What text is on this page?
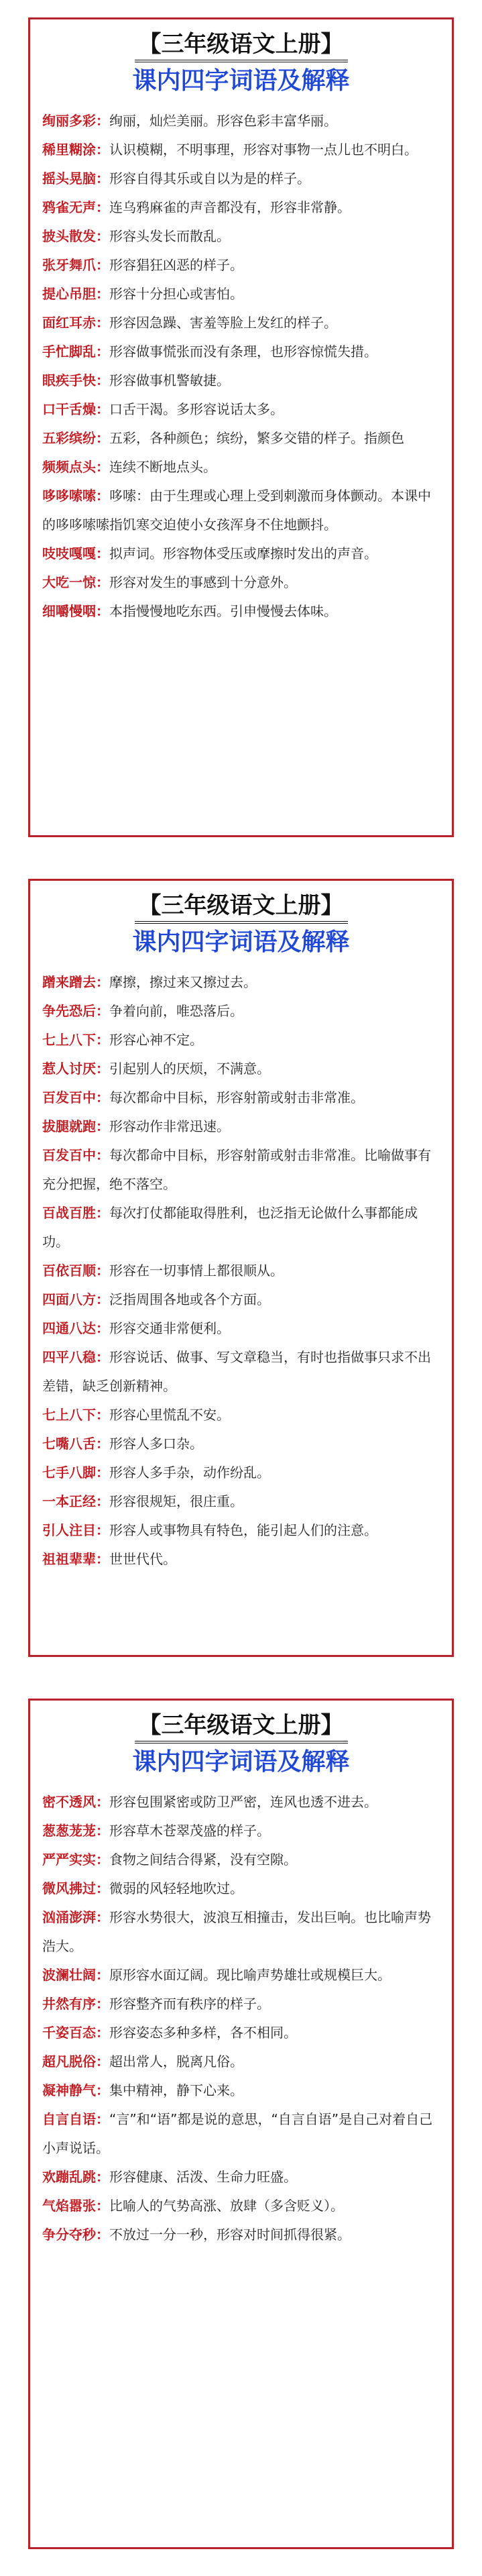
【三年级语文上册】
课内四字词语及解释
绚丽多彩：绚丽，灿烂美丽。形容色彩丰富华丽。
稀里糊涂：认识模糊，不明事理，形容对事物一点儿也不明白。
摇头晃脑：形容自得其乐或自以为是的样子。
鸦雀无声：连乌鸦麻雀的声音都没有，形容非常静。
披头散发：形容头发长而散乱。
张牙舞爪：形容猖狂凶恶的样子。
提心吊胆：形容十分担心或害怕。
面红耳赤：形容因急躁、害羞等脸上发红的样子。
手忙脚乱：形容做事慌张而没有条理，也形容惊慌失措。
眼疾手快：形容做事机警敏捷。
口干舌燥：口舌干渴。多形容说话太多。
五彩缤纷：五彩，各种颜色；缤纷，繁多交错的样子。指颜色
频频点头：连续不断地点头。
哆哆嗦嗦：哆嗦：由于生理或心理上受到刺激而身体颤动。本课中的哆哆嗦嗦指饥寒交迫使小女孩浑身不住地颤抖。
吱吱嘎嘎：拟声词。形容物体受压或摩擦时发出的声音。
大吃一惊：形容对发生的事感到十分意外。
细嚼慢咽：本指慢慢地吃东西。引申慢慢去体味。
【三年级语文上册】
课内四字词语及解释
蹭来蹭去：摩擦，擦过来又擦过去。
争先恐后：争着向前，唯恐落后。
七上八下：形容心神不定。
惹人讨厌：引起别人的厌烦，不满意。
百发百中：每次都命中目标，形容射箭或射击非常准。
拔腿就跑：形容动作非常迅速。
百发百中：每次都命中目标，形容射箭或射击非常准。比喻做事有充分把握，绝不落空。
百战百胜：每次打仗都能取得胜利，也泛指无论做什么事都能成功。
百依百顺：形容在一切事情上都很顺从。
四面八方：泛指周围各地或各个方面。
四通八达：形容交通非常便利。
四平八稳：形容说话、做事、写文章稳当，有时也指做事只求不出差错，缺乏创新精神。
七上八下：形容心里慌乱不安。
七嘴八舌：形容人多口杂。
七手八脚：形容人多手杂，动作纷乱。
一本正经：形容很规矩，很庄重。
引人注目：形容人或事物具有特色，能引起人们的注意。
祖祖辈辈：世世代代。
【三年级语文上册】
课内四字词语及解释
密不透风：形容包围紧密或防卫严密，连风也透不进去。
葱葱茏茏：形容草木苍翠茂盛的样子。
严严实实：食物之间结合得紧，没有空隙。
微风拂过：微弱的风轻轻地吹过。
汹涌澎湃：形容水势很大，波浪互相撞击，发出巨响。也比喻声势浩大。
波澜壮阔：原形容水面辽阔。现比喻声势雄壮或规模巨大。
井然有序：形容整齐而有秩序的样子。
千姿百态：形容姿态多种多样，各不相同。
超凡脱俗：超出常人，脱离凡俗。
凝神静气：集中精神，静下心来。
自言自语：“言”和“语”都是说的意思，“自言自语”是自己对着自己小声说话。
欢蹦乱跳：形容健康、活泼、生命力旺盛。
气焰嚣张：比喻人的气势高涨、放肆（多含贬义）。
争分夺秒：不放过一分一秒，形容对时间抓得很紧。
